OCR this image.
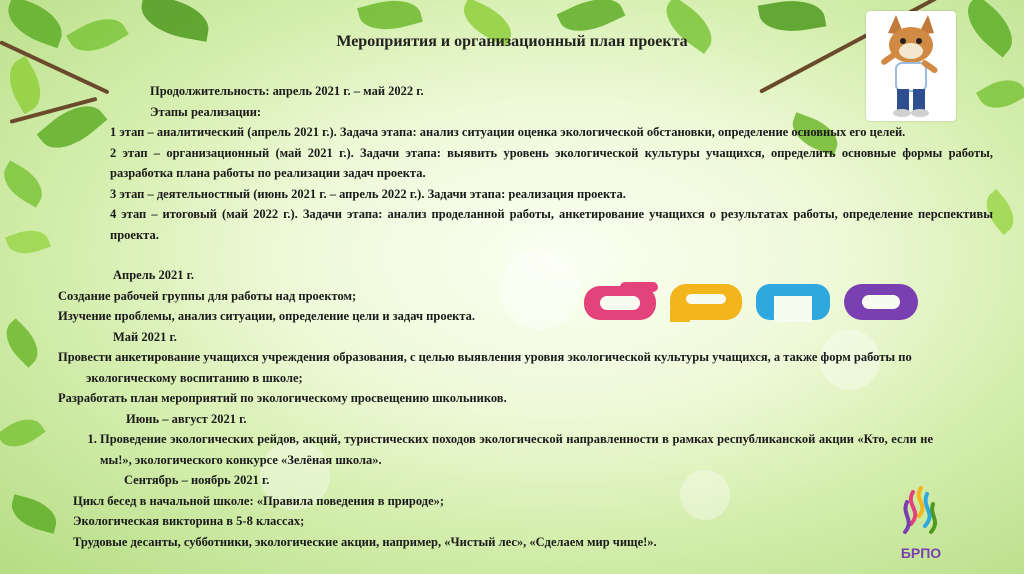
Мероприятия и организационный план проекта

Продолжительность: апрель 2021 г. – май 2022 г.

Этапы реализации:

1 этап – аналитический (апрель 2021 г.). Задача этапа: анализ ситуации оценка экологической обстановки, определение основных его целей.

2 этап – организационный (май 2021 г.). Задачи этапа: выявить уровень экологической культуры учащихся, определить основные формы работы, разработка плана работы по реализации задач проекта.

3 этап – деятельностный (июнь 2021 г. – апрель 2022 г.). Задачи этапа: реализация проекта.

4 этап – итоговый (май 2022 г.). Задачи этапа: анализ проделанной работы, анкетирование учащихся о результатах работы, определение перспективы проекта.

Апрель 2021 г.

Создание рабочей группы для работы над проектом;

Изучение проблемы, анализ ситуации, определение цели и задач проекта.

Май 2021 г.

Провести анкетирование учащихся учреждения образования, с целью выявления уровня экологической культуры учащихся, а также форм работы по экологическому воспитанию в школе;

Разработать план мероприятий по экологическому просвещению школьников.

Июнь – август 2021 г.

1. Проведение экологических рейдов, акций, туристических походов экологической направленности в рамках республиканской акции «Кто, если не мы!», экологического конкурсе «Зелёная школа».

Сентябрь – ноябрь 2021 г.

Цикл бесед в начальной школе: «Правила поведения в природе»;

Экологическая викторина в 5-8 классах;

Трудовые десанты, субботники, экологические акции, например, «Чистый лес», «Сделаем мир чище!».

БРПО
